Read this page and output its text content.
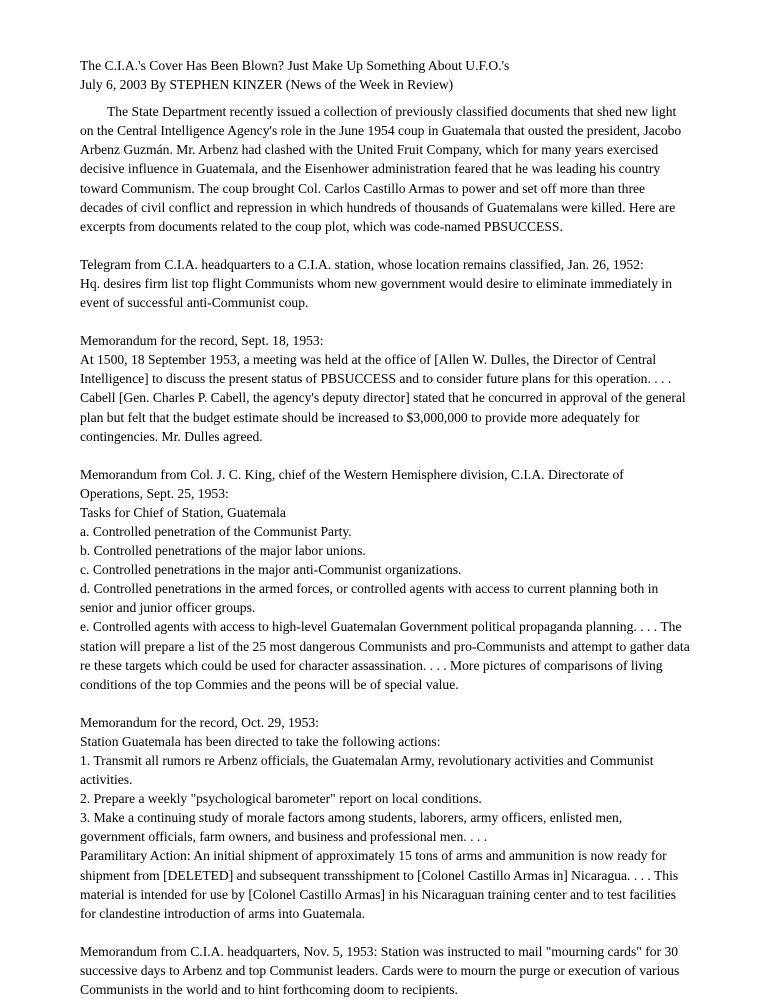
The C.I.A.'s Cover Has Been Blown? Just Make Up Something About U.F.O.'s

July 6, 2003 By STEPHEN KINZER (News of the Week in Review)

The State Department recently issued a collection of previously classified documents that shed new light on the Central Intelligence Agency's role in the June 1954 coup in Guatemala that ousted the president, Jacobo Arbenz Guzmán. Mr. Arbenz had clashed with the United Fruit Company, which for many years exercised decisive influence in Guatemala, and the Eisenhower administration feared that he was leading his country toward Communism. The coup brought Col. Carlos Castillo Armas to power and set off more than three decades of civil conflict and repression in which hundreds of thousands of Guatemalans were killed. Here are excerpts from documents related to the coup plot, which was code-named PBSUCCESS.

Telegram from C.I.A. headquarters to a C.I.A. station, whose location remains classified, Jan. 26, 1952:

Hq. desires firm list top flight Communists whom new government would desire to eliminate immediately in event of successful anti-Communist coup.

Memorandum for the record, Sept. 18, 1953:

At 1500, 18 September 1953, a meeting was held at the office of [Allen W. Dulles, the Director of Central Intelligence] to discuss the present status of PBSUCCESS and to consider future plans for this operation. . . . Cabell [Gen. Charles P. Cabell, the agency's deputy director] stated that he concurred in approval of the general plan but felt that the budget estimate should be increased to $3,000,000 to provide more adequately for contingencies. Mr. Dulles agreed.

Memorandum from Col. J. C. King, chief of the Western Hemisphere division, C.I.A. Directorate of Operations, Sept. 25, 1953:

Tasks for Chief of Station, Guatemala

a. Controlled penetration of the Communist Party.

b. Controlled penetrations of the major labor unions.

c. Controlled penetrations in the major anti-Communist organizations.

d. Controlled penetrations in the armed forces, or controlled agents with access to current planning both in senior and junior officer groups.

e. Controlled agents with access to high-level Guatemalan Government political propaganda planning. . . . The station will prepare a list of the 25 most dangerous Communists and pro-Communists and attempt to gather data re these targets which could be used for character assassination. . . . More pictures of comparisons of living conditions of the top Commies and the peons will be of special value.

Memorandum for the record, Oct. 29, 1953:

Station Guatemala has been directed to take the following actions:

1. Transmit all rumors re Arbenz officials, the Guatemalan Army, revolutionary activities and Communist activities.

2. Prepare a weekly "psychological barometer" report on local conditions.

3. Make a continuing study of morale factors among students, laborers, army officers, enlisted men, government officials, farm owners, and business and professional men. . . .

Paramilitary Action: An initial shipment of approximately 15 tons of arms and ammunition is now ready for shipment from [DELETED] and subsequent transshipment to [Colonel Castillo Armas in] Nicaragua. . . . This material is intended for use by [Colonel Castillo Armas] in his Nicaraguan training center and to test facilities for clandestine introduction of arms into Guatemala.

Memorandum from C.I.A. headquarters, Nov. 5, 1953: Station was instructed to mail "mourning cards" for 30 successive days to Arbenz and top Communist leaders. Cards were to mourn the purge or execution of various Communists in the world and to hint forthcoming doom to recipients.
